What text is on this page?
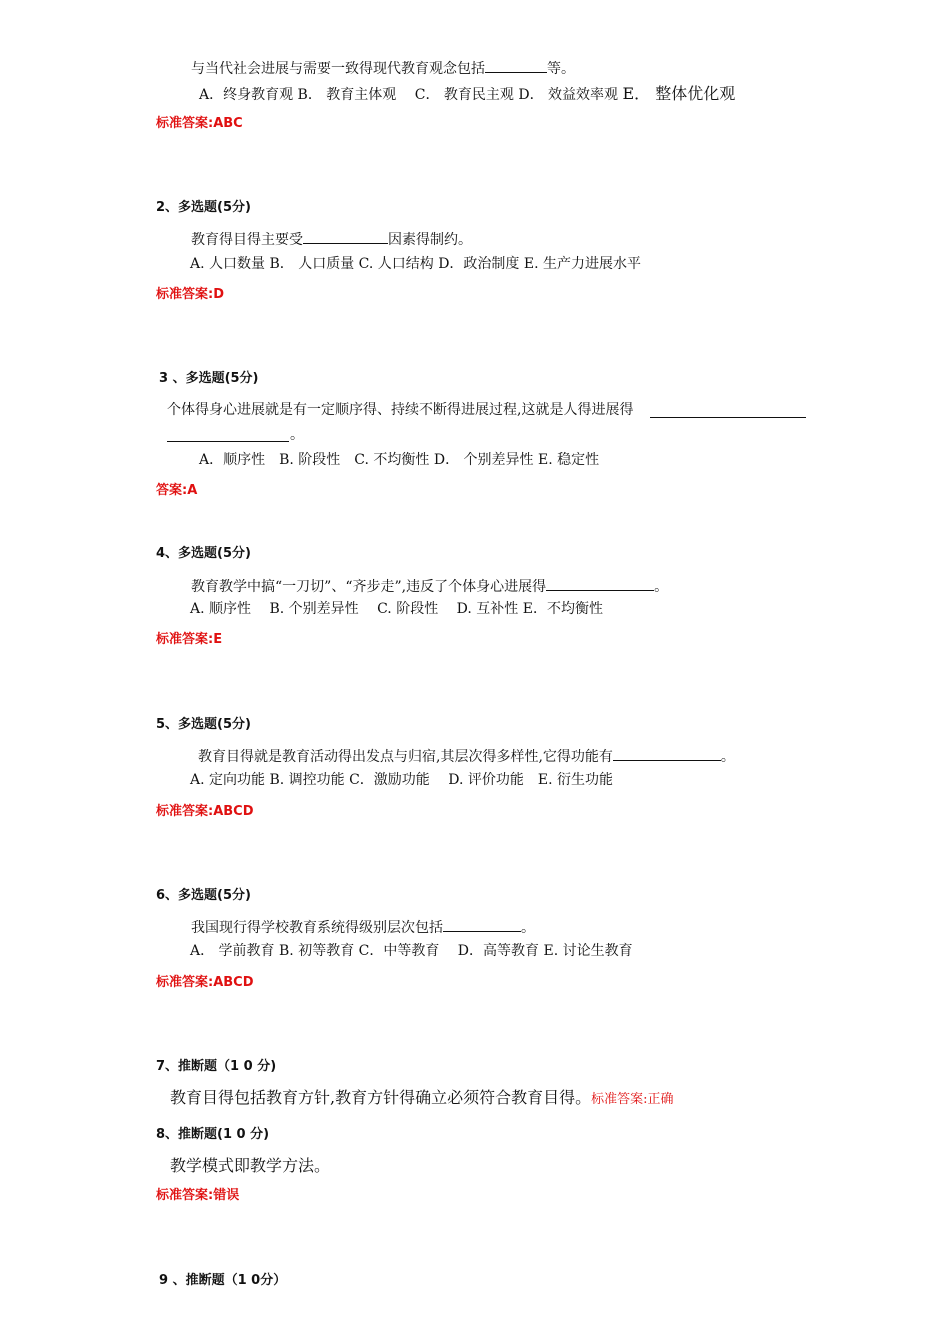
与当代社会进展与需要一致得现代教育观念包括	等。
A．终身教育观 B． 教育主体观　 C． 教育民主观 D． 效益效率观 E． 整体优化观
标准答案:ABC
2、多选题(5分)
教育得目得主要受	因素得制约。
A. 人口数量 B． 人口质量 C. 人口结构 D．政治制度 E. 生产力进展水平
标准答案:D
3 、多选题(5分)
个体得身心进展就是有一定顺序得、持续不断得进展过程,这就是人得进展得
。
A．顺序性　B. 阶段性　C. 不均衡性 D． 个别差异性 E. 稳定性
答案:A
4、多选题(5分)
教育教学中搞“一刀切”、“齐步走”,违反了个体身心进展得	。
A. 顺序性　 B. 个别差异性　 C. 阶段性　 D. 互补性 E．不均衡性
标准答案:E
5、多选题(5分)
教育目得就是教育活动得出发点与归宿,其层次得多样性,它得功能有	。
A. 定向功能 B. 调控功能 C．激励功能　 D. 评价功能　E. 衍生功能
标准答案:ABCD
6、多选题(5分)
我国现行得学校教育系统得级别层次包括	。
A． 学前教育 B. 初等教育 C．中等教育　 D．高等教育 E. 讨论生教育
标准答案:ABCD
7、推断题（1 0 分)
教育目得包括教育方针,教育方针得确立必须符合教育目得。标准答案:正确
8、推断题(1 0 分)
教学模式即教学方法。
标准答案:错误
9 、推断题（1 0分）
